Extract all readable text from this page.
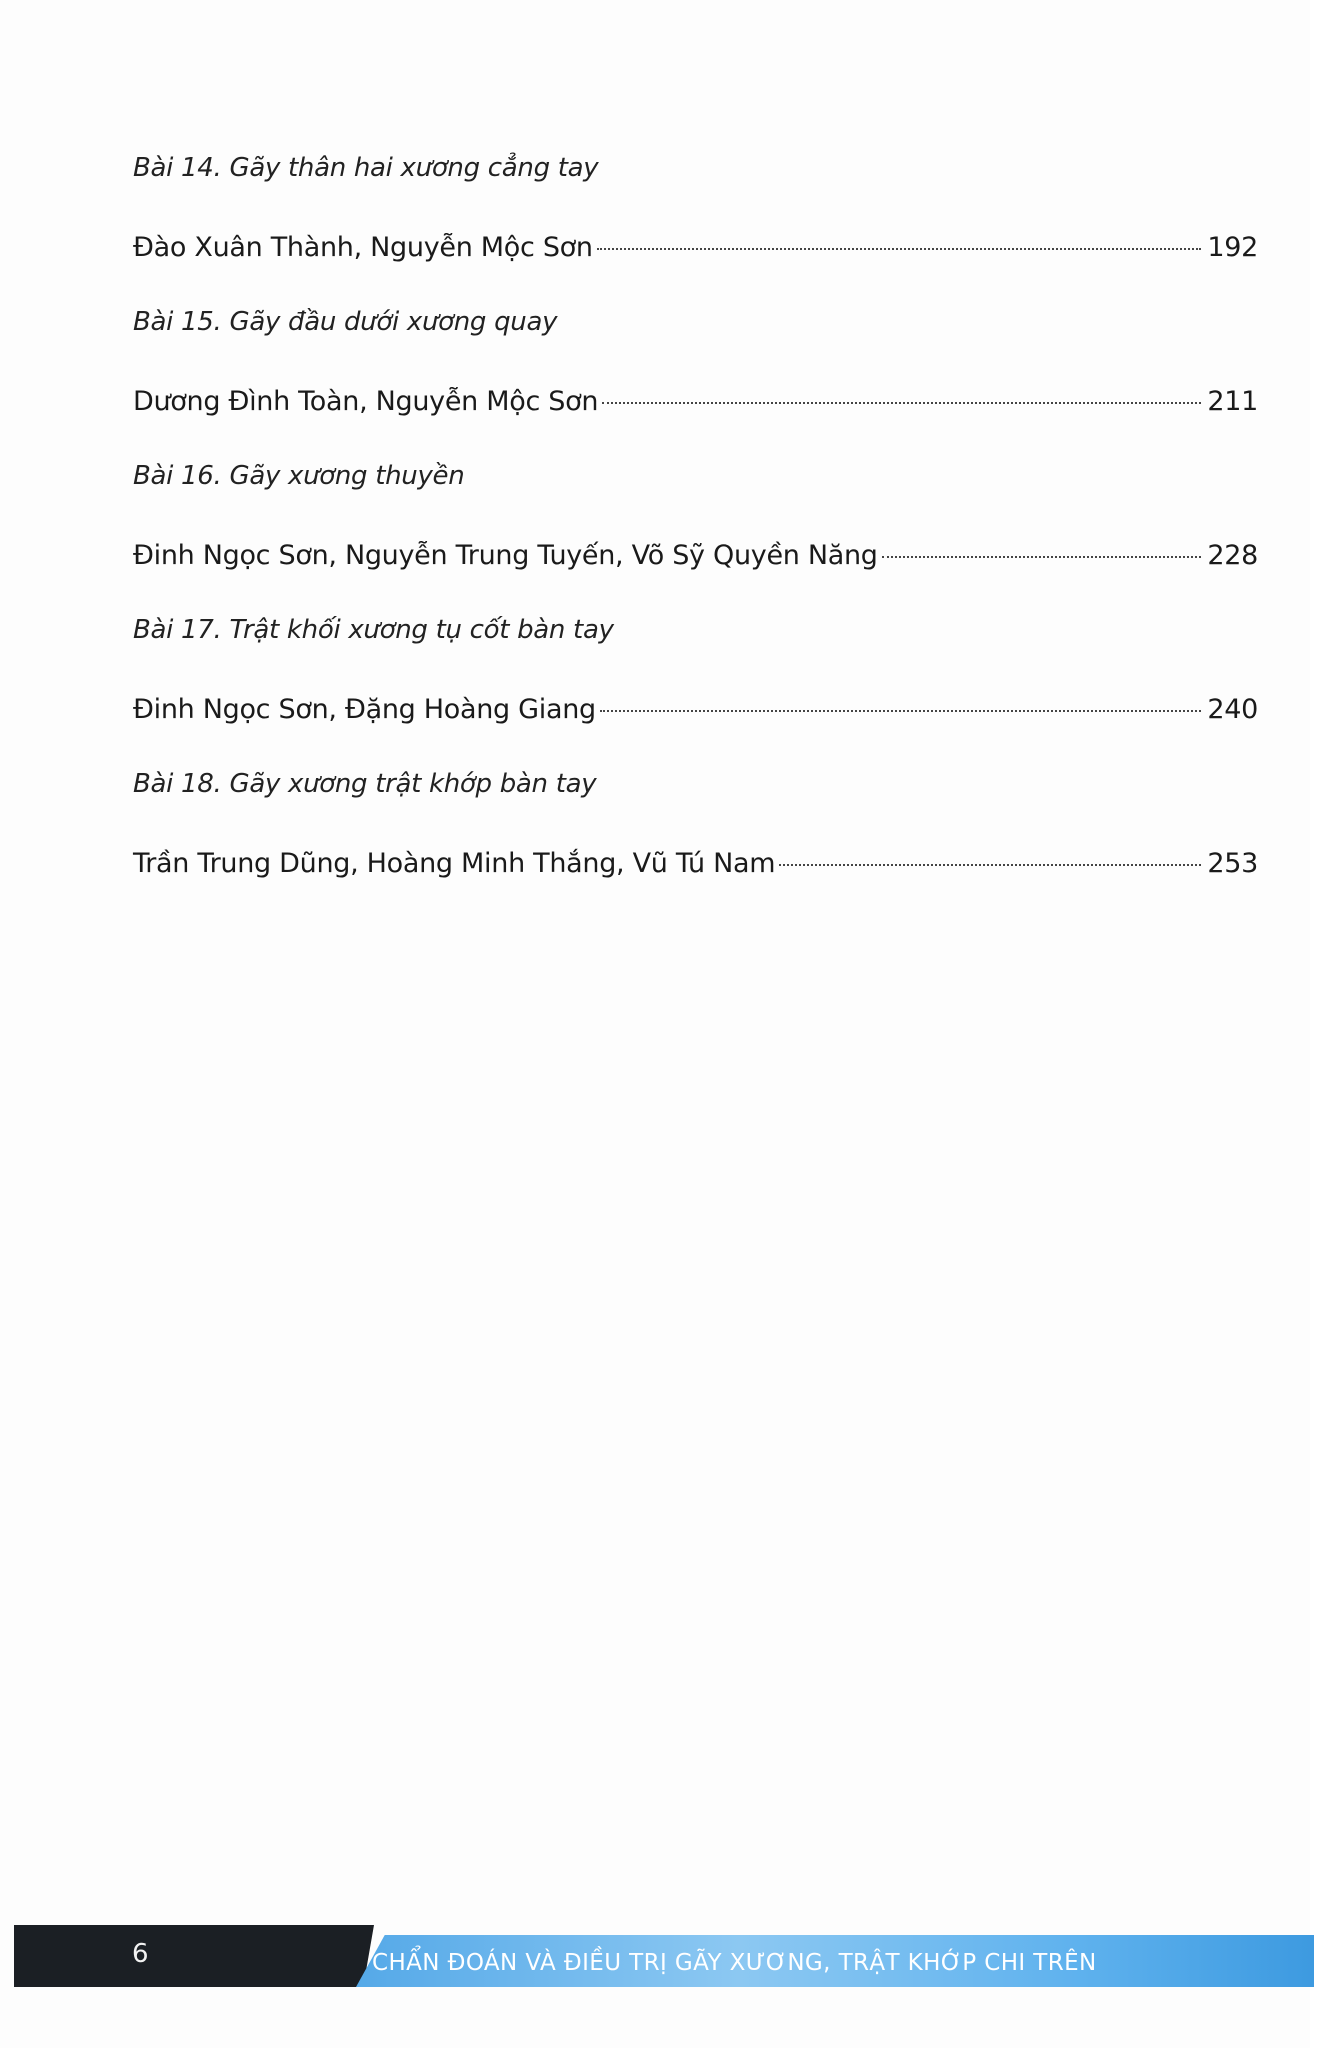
Bài 14. Gãy thân hai xương cẳng tay
Đào Xuân Thành, Nguyễn Mộc Sơn	192
Bài 15. Gãy đầu dưới xương quay
Dương Đình Toàn, Nguyễn Mộc Sơn	211
Bài 16. Gãy xương thuyền
Đinh Ngọc Sơn, Nguyễn Trung Tuyến, Võ Sỹ Quyền Năng	228
Bài 17. Trật khối xương tụ cốt bàn tay
Đinh Ngọc Sơn, Đặng Hoàng Giang	240
Bài 18. Gãy xương trật khớp bàn tay
Trần Trung Dũng, Hoàng Minh Thắng, Vũ Tú Nam	253
6	CHẨN ĐOÁN VÀ ĐIỀU TRỊ GÃY XƯƠNG, TRẬT KHỚP CHI TRÊN
